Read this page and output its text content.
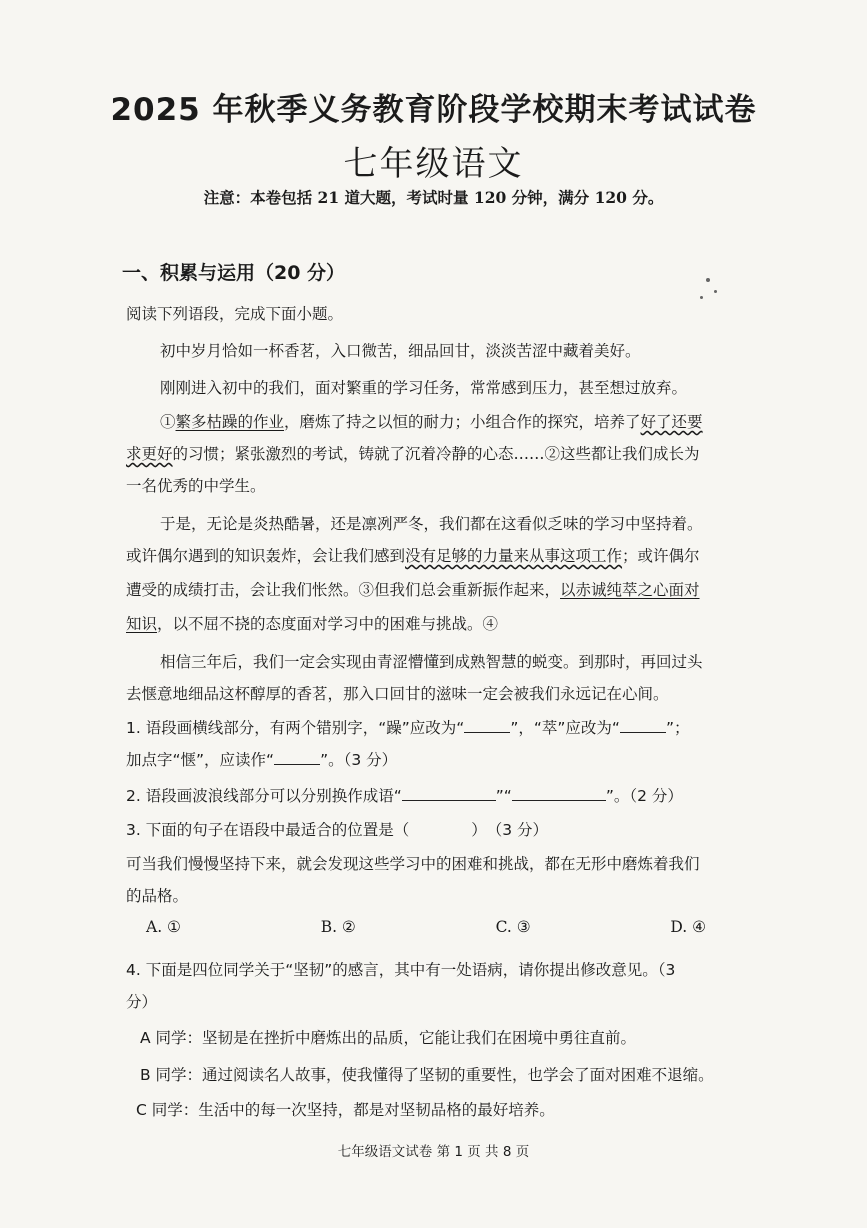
2025 年秋季义务教育阶段学校期末考试试卷
七年级语文
注意：本卷包括 21 道大题，考试时量 120 分钟，满分 120 分。
一、积累与运用（20 分）
阅读下列语段，完成下面小题。
初中岁月恰如一杯香茗，入口微苦，细品回甘，淡淡苦涩中藏着美好。
刚刚进入初中的我们，面对繁重的学习任务，常常感到压力，甚至想过放弃。
①繁多枯躁的作业，磨炼了持之以恒的耐力；小组合作的探究，培养了好了还要
求更好的习惯；紧张激烈的考试，铸就了沉着冷静的心态……②这些都让我们成长为
一名优秀的中学生。
于是，无论是炎热酷暑，还是凛冽严冬，我们都在这看似乏味的学习中坚持着。
或许偶尔遇到的知识轰炸，会让我们感到没有足够的力量来从事这项工作；或许偶尔
遭受的成绩打击，会让我们怅然。③但我们总会重新振作起来，以赤诚纯萃之心面对
知识，以不屈不挠的态度面对学习中的困难与挑战。④
相信三年后，我们一定会实现由青涩懵懂到成熟智慧的蜕变。到那时，再回过头
去惬意地细品这杯醇厚的香茗，那入口回甘的滋味一定会被我们永远记在心间。
1. 语段画横线部分，有两个错别字，“躁”应改为“	”，“萃”应改为“	”；
加点字“惬”，应读作“	”。（3 分）
2. 语段画波浪线部分可以分别换作成语“	”“	”。（2 分）
3. 下面的句子在语段中最适合的位置是（　　　　）　（3 分）
可当我们慢慢坚持下来，就会发现这些学习中的困难和挑战，都在无形中磨炼着我们
的品格。
A. ①	B. ②	C. ③	D. ④
4. 下面是四位同学关于“坚韧”的感言，其中有一处语病，请你提出修改意见。（3
分）
A 同学：坚韧是在挫折中磨炼出的品质，它能让我们在困境中勇往直前。
B 同学：通过阅读名人故事，使我懂得了坚韧的重要性，也学会了面对困难不退缩。
C 同学：生活中的每一次坚持，都是对坚韧品格的最好培养。
七年级语文试卷 第 1 页 共 8 页
